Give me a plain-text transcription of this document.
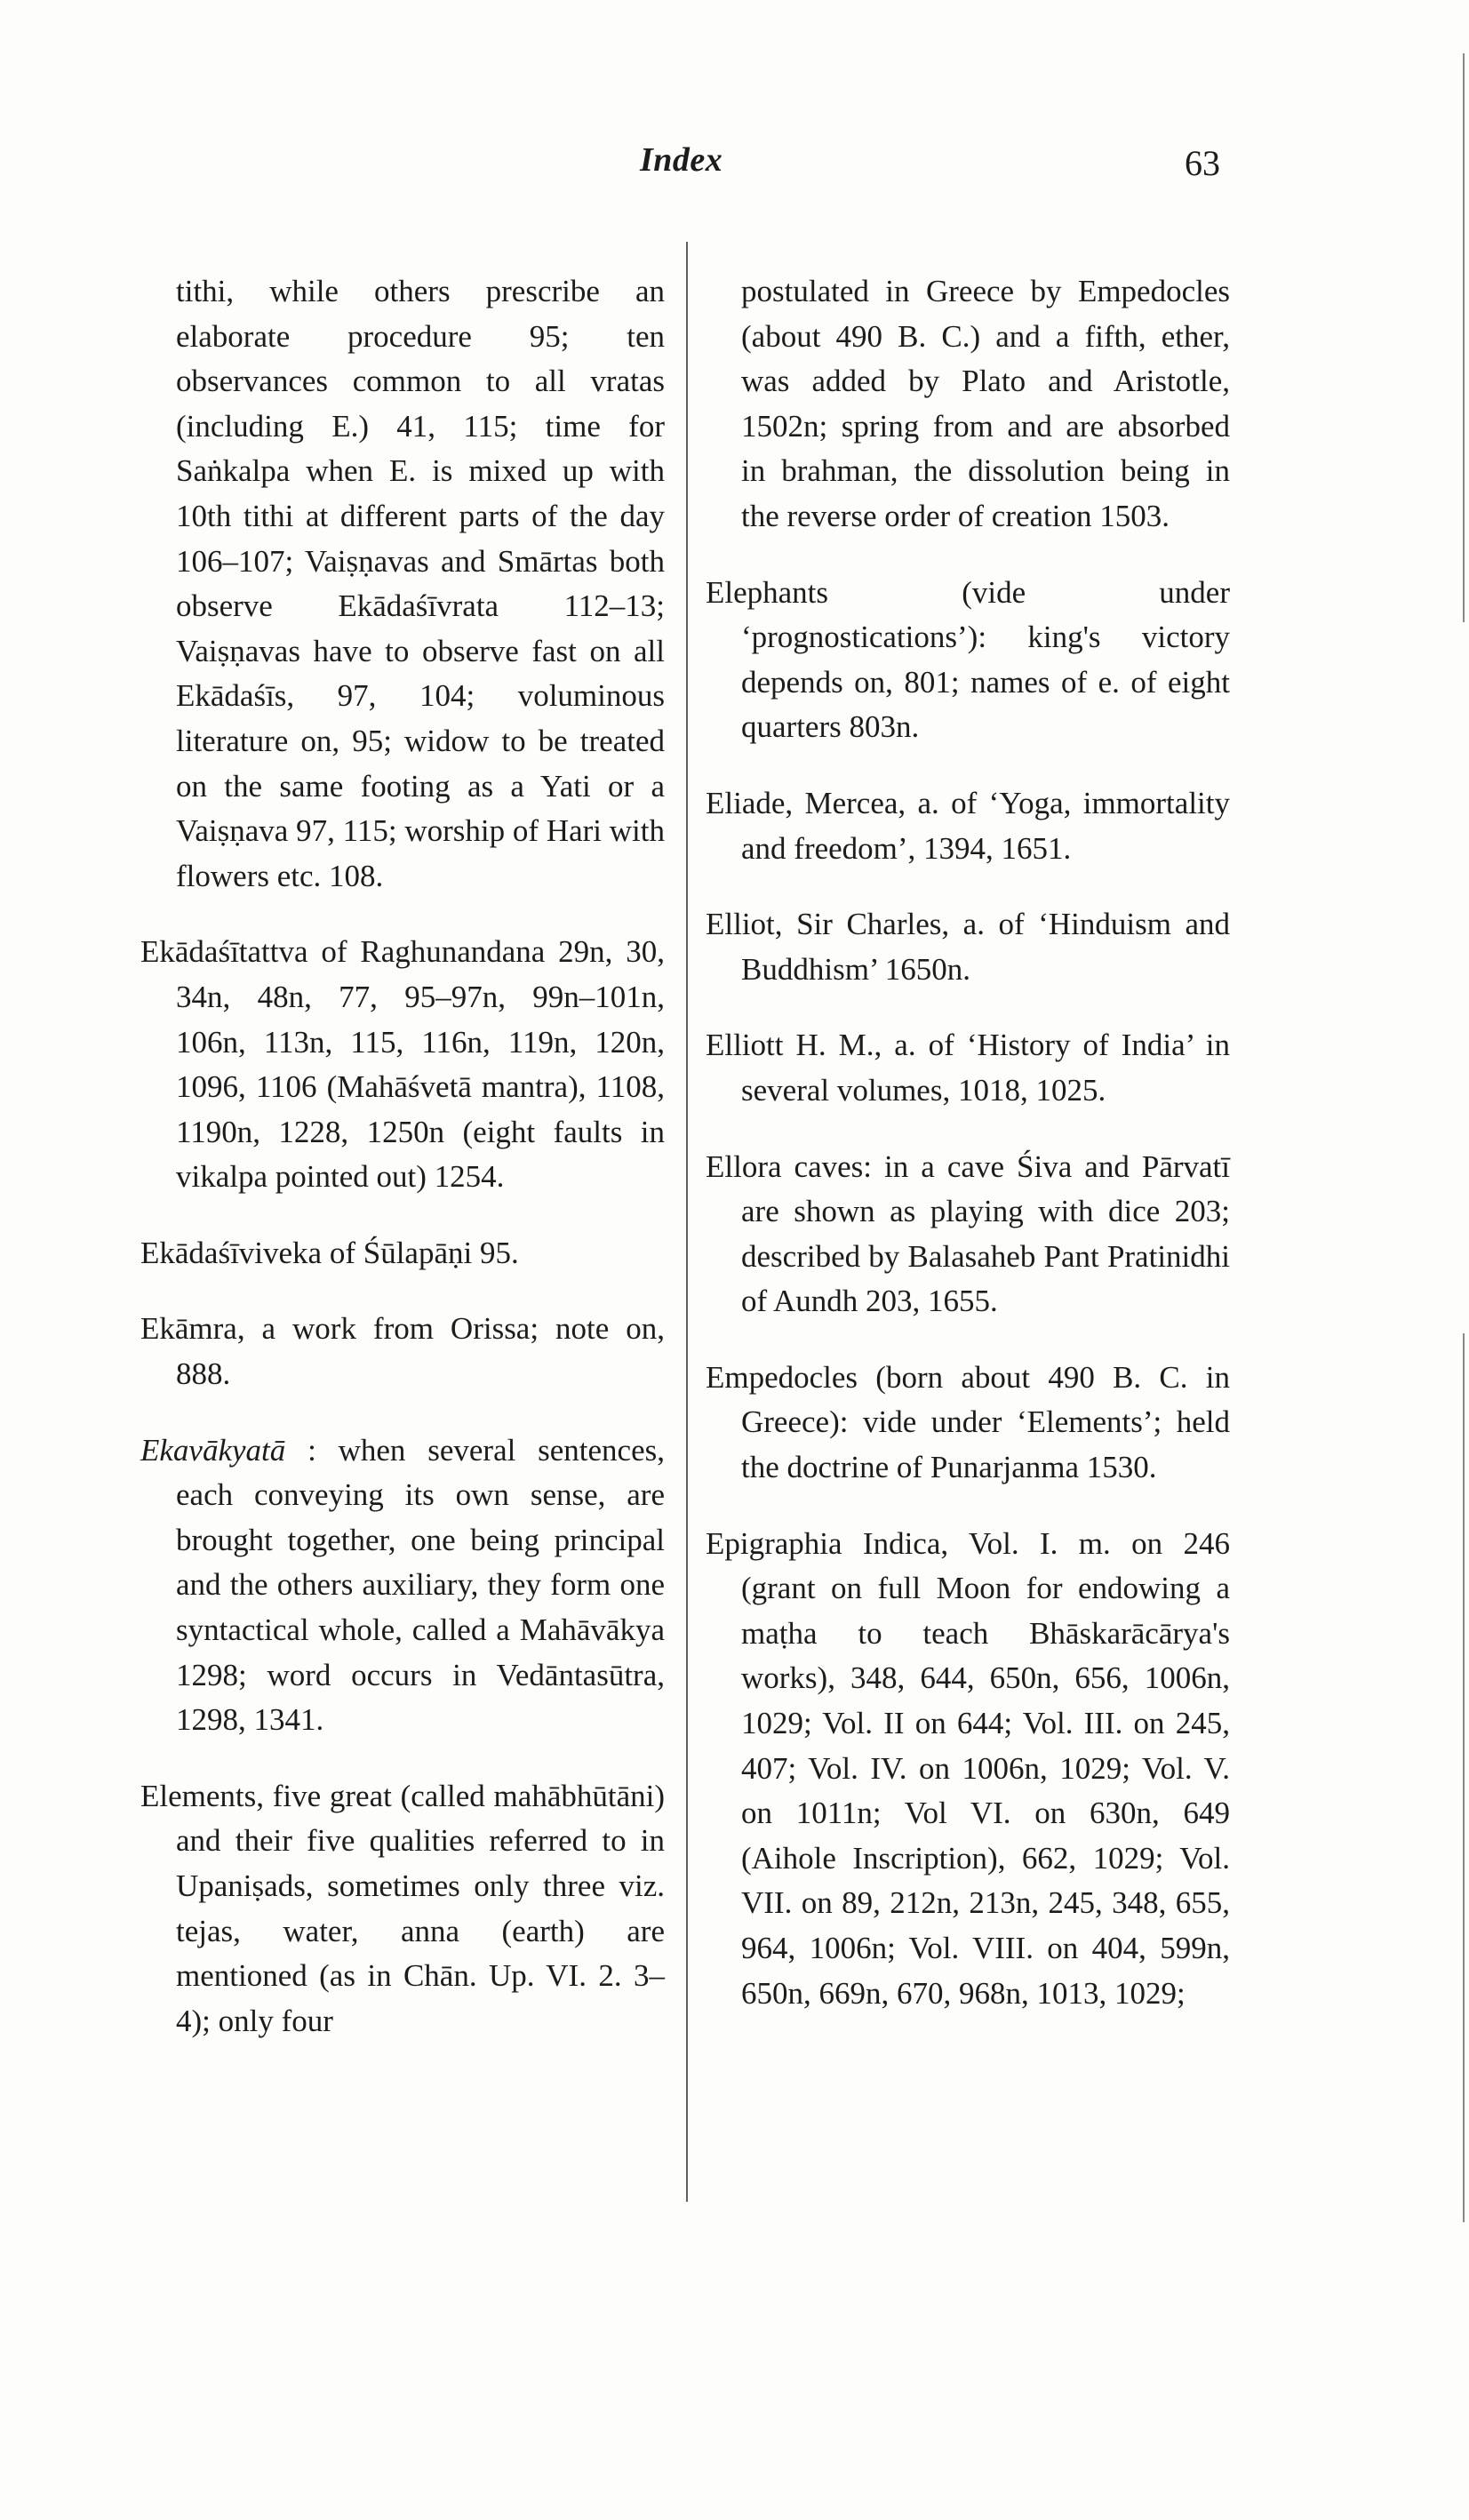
Index	63

tithi, while others prescribe an elaborate procedure 95; ten observances common to all vratas (including E.) 41, 115; time for Saṅkalpa when E. is mixed up with 10th tithi at different parts of the day 106–107; Vaiṣṇavas and Smārtas both observe Ekādaśīvrata 112–13; Vaiṣṇavas have to observe fast on all Ekādaśīs, 97, 104; voluminous literature on, 95; widow to be treated on the same footing as a Yati or a Vaiṣṇava 97, 115; worship of Hari with flowers etc. 108.

Ekādaśītattva of Raghunandana 29n, 30, 34n, 48n, 77, 95–97n, 99n–101n, 106n, 113n, 115, 116n, 119n, 120n, 1096, 1106 (Mahāśvetā mantra), 1108, 1190n, 1228, 1250n (eight faults in vikalpa pointed out) 1254.

Ekādaśīviveka of Śūlapāṇi 95.

Ekāmra, a work from Orissa; note on, 888.

Ekavākyatā : when several sentences, each conveying its own sense, are brought together, one being principal and the others auxiliary, they form one syntactical whole, called a Mahāvākya 1298; word occurs in Vedāntasūtra, 1298, 1341.

Elements, five great (called mahābhūtāni) and their five qualities referred to in Upaniṣads, sometimes only three viz. tejas, water, anna (earth) are mentioned (as in Chān. Up. VI. 2. 3–4); only four

postulated in Greece by Empedocles (about 490 B. C.) and a fifth, ether, was added by Plato and Aristotle, 1502n; spring from and are absorbed in brahman, the dissolution being in the reverse order of creation 1503.

Elephants (vide under ‘prognostications’): king's victory depends on, 801; names of e. of eight quarters 803n.

Eliade, Mercea, a. of ‘Yoga, immortality and freedom’, 1394, 1651.

Elliot, Sir Charles, a. of ‘Hinduism and Buddhism’ 1650n.

Elliott H. M., a. of ‘History of India’ in several volumes, 1018, 1025.

Ellora caves: in a cave Śiva and Pārvatī are shown as playing with dice 203; described by Balasaheb Pant Pratinidhi of Aundh 203, 1655.

Empedocles (born about 490 B. C. in Greece): vide under ‘Elements’; held the doctrine of Punarjanma 1530.

Epigraphia Indica, Vol. I. m. on 246 (grant on full Moon for endowing a maṭha to teach Bhāskarācārya's works), 348, 644, 650n, 656, 1006n, 1029; Vol. II on 644; Vol. III. on 245, 407; Vol. IV. on 1006n, 1029; Vol. V. on 1011n; Vol VI. on 630n, 649 (Aihole Inscription), 662, 1029; Vol. VII. on 89, 212n, 213n, 245, 348, 655, 964, 1006n; Vol. VIII. on 404, 599n, 650n, 669n, 670, 968n, 1013, 1029;
